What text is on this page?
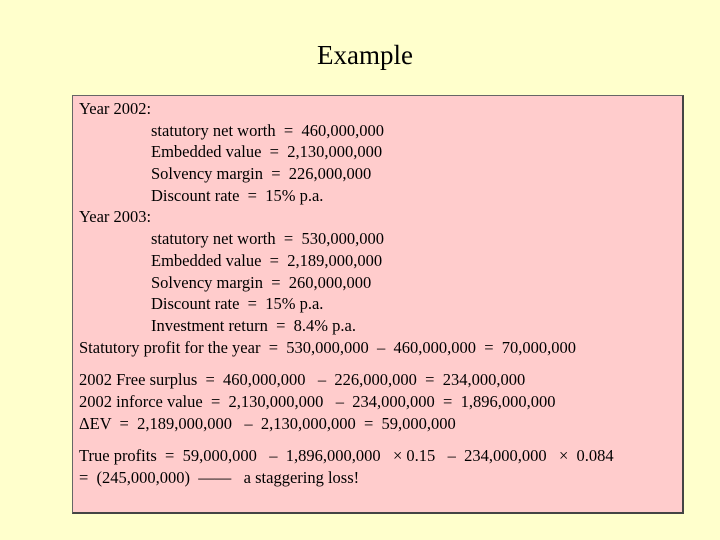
Example
Year 2002:
statutory net worth  =  460,000,000
Embedded value  =  2,130,000,000
Solvency margin  =  226,000,000
Discount rate  =  15% p.a.
Year 2003:
statutory net worth  =  530,000,000
Embedded value  =  2,189,000,000
Solvency margin  =  260,000,000
Discount rate  =  15% p.a.
Investment return  =  8.4% p.a.
Statutory profit for the year  =  530,000,000  –  460,000,000  =  70,000,000
2002 Free surplus  =  460,000,000   –  226,000,000  =  234,000,000
2002 inforce value  =  2,130,000,000   –  234,000,000  =  1,896,000,000
ΔEV  =  2,189,000,000   –  2,130,000,000  =  59,000,000
True profits  =  59,000,000   –  1,896,000,000   × 0.15   –  234,000,000   ×  0.084
=  (245,000,000)  ——   a staggering loss!
